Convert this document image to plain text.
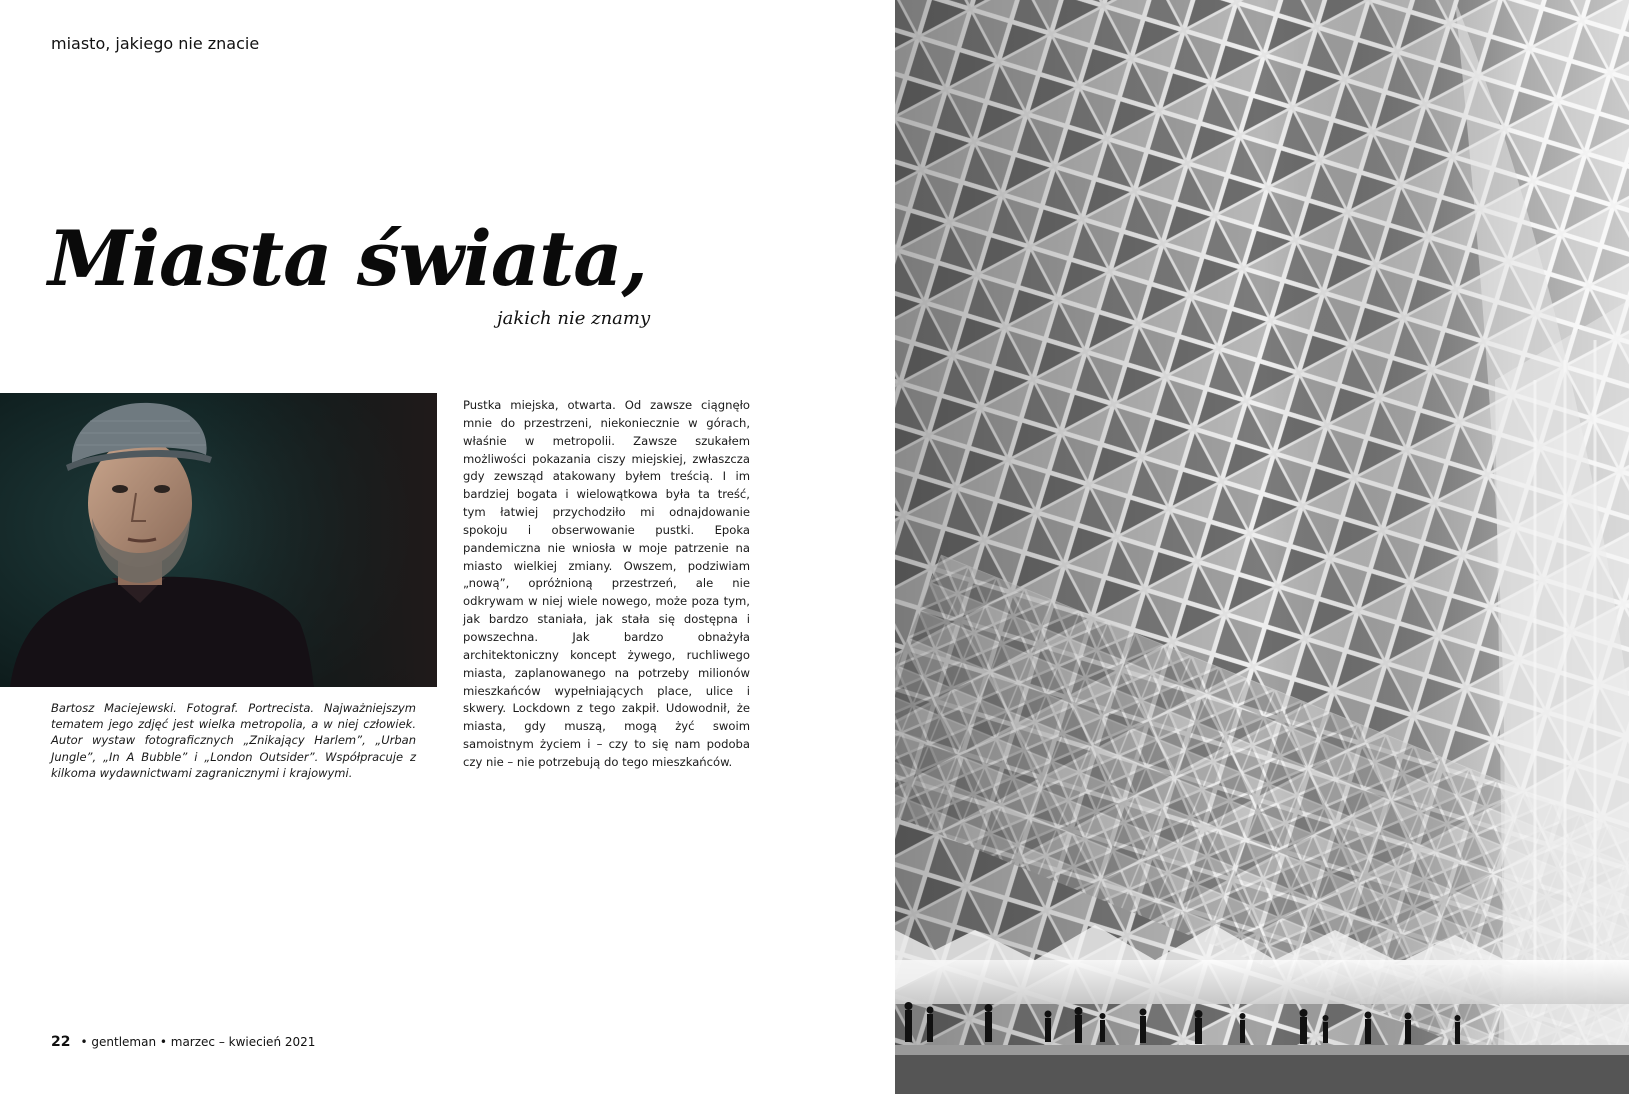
miasto, jakiego nie znacie
Miasta świata,
jakich nie znamy

Bartosz Maciejewski. Fotograf. Portrecista. Najważniejszym tematem jego zdjęć jest wielka metropolia, a w niej człowiek. Autor wystaw fotograficznych „Znikający Harlem”, „Urban Jungle”, „In A Bubble” i „London Outsider”. Współpracuje z kilkoma wydawnictwami zagranicznymi i krajowymi.

Pustka miejska, otwarta. Od zawsze ciągnęło mnie do przestrzeni, niekoniecznie w górach, właśnie w metropolii. Zawsze szukałem możliwości pokazania ciszy miejskiej, zwłaszcza gdy zewsząd atakowany byłem treścią. I im bardziej bogata i wielowątkowa była ta treść, tym łatwiej przychodziło mi odnajdowanie spokoju i obserwowanie pustki. Epoka pandemiczna nie wniosła w moje patrzenie na miasto wielkiej zmiany. Owszem, podziwiam „nową”, opróżnioną przestrzeń, ale nie odkrywam w niej wiele nowego, może poza tym, jak bardzo staniała, jak stała się dostępna i powszechna. Jak bardzo obnażyła architektoniczny koncept żywego, ruchliwego miasta, zaplanowanego na potrzeby milionów mieszkańców wypełniających place, ulice i skwery. Lockdown z tego zakpił. Udowodnił, że miasta, gdy muszą, mogą żyć swoim samoistnym życiem i – czy to się nam podoba czy nie – nie potrzebują do tego mieszkańców.

22 • gentleman • marzec – kwiecień 2021
